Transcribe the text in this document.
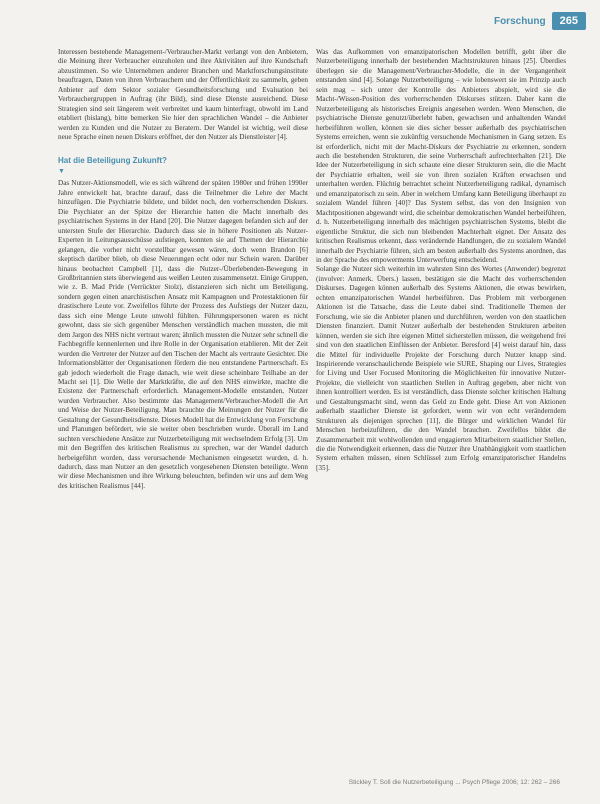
Forschung	265

Interessen bestehende Management-/Verbraucher-Markt verlangt von den Anbietern, die Meinung ihrer Verbraucher einzuholen und ihre Aktivitäten auf ihre Kundschaft abzustimmen. So wie Unternehmen anderer Branchen und Marktforschungsinstitute beauftragen, Daten von ihren Verbrauchern und der Öffentlichkeit zu sammeln, geben Anbieter auf dem Sektor sozialer Gesundheitsforschung und Evaluation bei Verbrauchergruppen in Auftrag (ihr Bild), sind diese Dienste ausreichend. Diese Strategien sind seit längerem weit verbreitet und kaum hinterfragt, obwohl im Land etabliert (bislang), bitte bemerken Sie hier den sprachlichen Wandel – die Anbieter werden zu Kunden und die Nutzer zu Beratern. Der Wandel ist wichtig, weil diese neue Sprache einen neuen Diskurs eröffnet, der den Nutzer als Dienstleister [4].

Hat die Beteiligung Zukunft?
▼

Das Nutzer-Aktionsmodell, wie es sich während der späten 1980er und frühen 1990er Jahre entwickelt hat, brachte darauf, dass die Teilnehmer die Lehre der Macht hinzufügen. Die Psychiatrie bildete, und bildet noch, den vorherrschenden Diskurs. Die Psychiater an der Spitze der Hierarchie hatten die Macht innerhalb des psychiatrischen Systems in der Hand [20]. Die Nutzer dagegen befanden sich auf der untersten Stufe der Hierarchie. Dadurch dass sie in höhere Positionen als Nutzer-Experten in Leitungsausschüsse aufstiegen, konnten sie auf Themen der Hierarchie gelangen, die vorher nicht vorstellbar gewesen wären, doch wenn Brandon [6] skeptisch darüber blieb, ob diese Neuerungen echt oder nur Schein waren. Darüber hinaus beobachtet Campbell [1], dass die Nutzer-/Überlebenden-Bewegung in Großbritannien stets überwiegend aus weißen Leuten zusammensetzt. Einige Gruppen, wie z. B. Mad Pride (Verrückter Stolz), distanzieren sich nicht um Beteiligung, sondern gegen einen anarchistischen Ansatz mit Kampagnen und Protestaktionen für drastischere Leute vor. Zweifellos führte der Prozess des Aufstiegs der Nutzer dazu, dass sich eine Menge Leute unwohl fühlten. Führungspersonen waren es nicht gewohnt, dass sie sich gegenüber Menschen verständlich machen mussten, die mit dem Jargon des NHS nicht vertraut waren; ähnlich mussten die Nutzer sehr schnell die Fachbegriffe kennenlernen und ihre Rolle in der Organisation etablieren. Mit der Zeit wurden die Vertreter der Nutzer auf den Tischen der Macht als vertraute Gesichter. Die Informationsblätter der Organisationen fördern die neu entstandene Partnerschaft. Es gab jedoch wiederholt die Frage danach, wie weit diese scheinbare Teilhabe an der Macht sei [1]. Die Welle der Marktkräfte, die auf den NHS einwirkte, machte die Existenz der Partnerschaft erforderlich. Management-Modelle entstanden, Nutzer wurden Verbraucher. Also bestimmte das Management/Verbraucher-Modell die Art und Weise der Nutzer-Beteiligung. Man brauchte die Meinungen der Nutzer für die Gestaltung der Gesundheitsdienste. Dieses Modell hat die Entwicklung von Forschung und Planungen befördert, wie sie weiter oben beschrieben wurde. Überall im Land suchten verschiedene Ansätze zur Nutzerbeteiligung mit wechselndem Erfolg [3]. Um mit den Begriffen des kritischen Realismus zu sprechen, war der Wandel dadurch herbeigeführt worden, dass verursachende Mechanismen eingesetzt wurden, d. h. dadurch, dass man Nutzer an den gesetzlich vorgesehenen Diensten beteiligte. Wenn wir diese Mechanismen und ihre Wirkung beleuchten, befinden wir uns auf dem Weg des kritischen Realismus [44].

Was das Aufkommen von emanzipatorischen Modellen betrifft, geht über die Nutzerbeteiligung innerhalb der bestehenden Machtstrukturen hinaus [25]. Überdies überlegen sie die Management/Verbraucher-Modelle, die in der Vergangenheit entstanden sind [4]. Solange Nutzerbeteiligung – wie lobenswert sie im Prinzip auch sein mag – sich unter der Kontrolle des Anbieters abspielt, wird sie die Macht-/Wissen-Position des vorherrschenden Diskurses stützen. Daher kann die Nutzerbeteiligung als historisches Ereignis angesehen werden. Wenn Menschen, die psychiatrische Dienste genutzt/überlebt haben, gewachsen und anhaltenden Wandel herbeiführen wollen, können sie dies sicher besser außerhalb des psychiatrischen Systems erreichen, wenn sie zukünftig versuchende Mechanismen in Gang setzen. Es ist erforderlich, nicht mit der Macht-Diskurs der Psychiatrie zu erkennen, sondern auch die bestehenden Strukturen, die seine Vorherrschaft aufrechterhalten [21]. Die Idee der Nutzerbeteiligung in sich schaute eine dieser Strukturen sein, die die Macht der Psychiatrie erhalten, weil sie von ihren sozialen Kräften erwachsen und unterhalten werden. Flüchtig betrachtet scheint Nutzerbeteiligung radikal, dynamisch und emanzipatorisch zu sein. Aber in welchem Umfang kann Beteiligung überhaupt zu sozialem Wandel führen [40]? Das System selbst, das von den Insignien von Machtpositionen abgewandt wird, die scheinbar demokratischen Wandel herbeiführen, d. h. Nutzerbeteiligung innerhalb des mächtigen psychiatrischen Systems, bleibt die eigentliche Struktur, die sich nun bleibenden Machterhalt eignet. Der Ansatz des kritischen Realismus erkennt, dass verändernde Handlungen, die zu sozialem Wandel innerhalb der Psychiatrie führen, sich am besten außerhalb des Systems anordnen, das in der Sprache des empowerments Unterwerfung entscheidend.

Solange die Nutzer sich weiterhin im wahrsten Sinn des Wortes (Anwender) begrenzt (involver: Anmerk. Übers.) lassen, bestätigen sie die Macht des vorherrschenden Diskurses. Dagegen können außerhalb des Systems Aktionen, die etwas bewirken, echten emanzipatorischen Wandel herbeiführen. Das Problem mit verborgenen Aktionen ist die Tatsache, dass die Leute dabei sind. Traditionelle Themen der Forschung, wie sie die Anbieter planen und durchführen, werden von den staatlichen Diensten finanziert. Damit Nutzer außerhalb der bestehenden Strukturen arbeiten können, werden sie sich ihre eigenen Mittel sicherstellen müssen, die weitgehend frei sind von den staatlichen Einflüssen der Anbieter. Beresford [4] weist darauf hin, dass die Mittel für individuelle Projekte der Forschung durch Nutzer knapp sind. Inspirierende veranschaulichende Beispiele wie SURE, Shaping our Lives, Strategies for Living und User Focused Monitoring die Möglichkeiten für innovative Nutzer-Projekte, die vielleicht von staatlichen Stellen in Auftrag gegeben, aber nicht von ihnen kontrolliert werden. Es ist verständlich, dass Dienste solcher kritischen Haltung und Gestaltungsmacht sind, wenn das Geld zu Ende geht. Diese Art von Aktionen außerhalb staatlicher Dienste ist gefordert, wenn wir von echt veränderndem Strukturen als diejenigen sprechen [11], die Bürger und wirklichen Wandel für Menschen herbeizuführen, die den Wandel brauchen. Zweifellos bildet die Zusammenarbeit mit wohlwollenden und engagierten Mitarbeitern staatlicher Stellen, die die Notwendigkeit erkennen, dass die Nutzer ihre Unabhängigkeit vom staatlichen System erhalten müssen, einen Schlüssel zum Erfolg emanzipatorischer Handelns [35].

Stickley T. Soll die Nutzerbeteiligung ... Psych Pflege 2006; 12: 262 – 266
